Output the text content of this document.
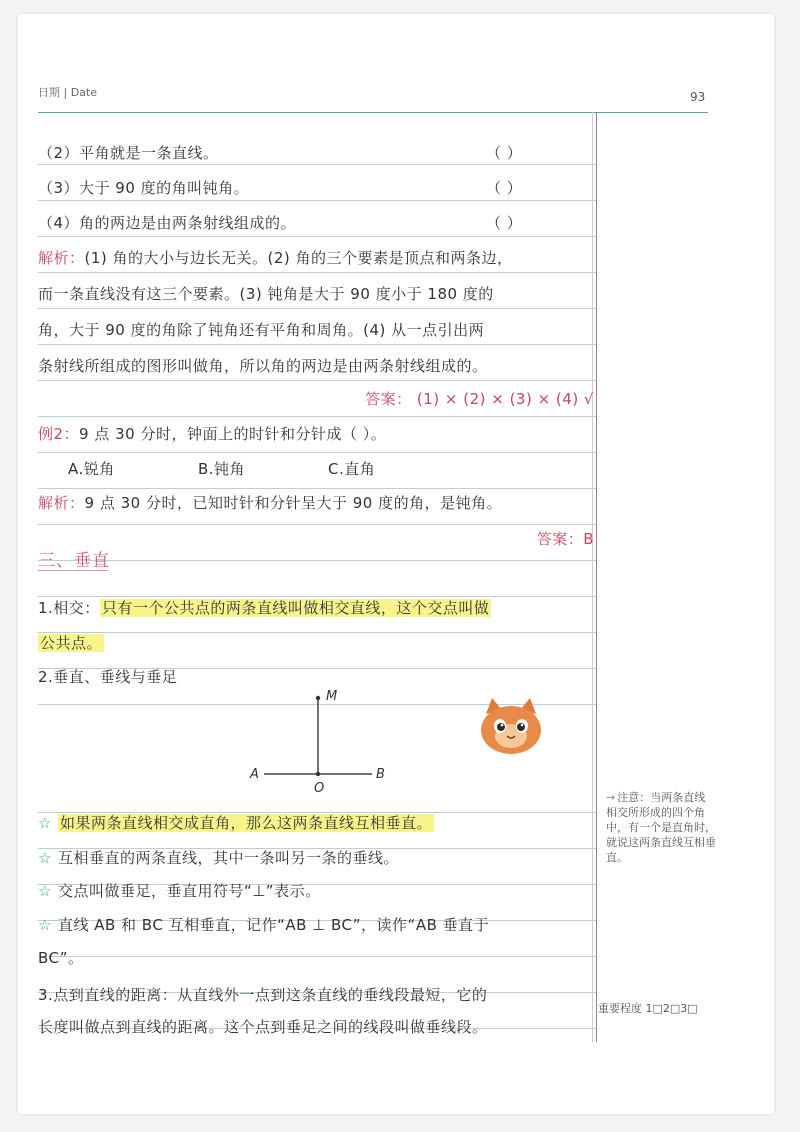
日期 | Date	93
（2）平角就是一条直线。	（ ）
（3）大于 90 度的角叫钝角。	（ ）
（4）角的两边是由两条射线组成的。	（ ）
解析：(1) 角的大小与边长无关。(2) 角的三个要素是顶点和两条边，
而一条直线没有这三个要素。(3) 钝角是大于 90 度小于 180 度的
角，大于 90 度的角除了钝角还有平角和周角。(4) 从一点引出两
条射线所组成的图形叫做角，所以角的两边是由两条射线组成的。
答案： (1) × (2) × (3) × (4) √
例2：9 点 30 分时，钟面上的时针和分针成（ ）。
A.锐角	B.钝角	C.直角
解析：9 点 30 分时，已知时针和分针呈大于 90 度的角，是钝角。
答案：B
三、垂直
1.相交： 只有一个公共点的两条直线叫做相交直线，这个交点叫做
公共点。
2.垂直、垂线与垂足
M
A
O
B
☆ 如果两条直线相交成直角，那么这两条直线互相垂直。
☆ 互相垂直的两条直线，其中一条叫另一条的垂线。
☆ 交点叫做垂足，垂直用符号“⊥”表示。
☆ 直线 AB 和 BC 互相垂直，记作“AB ⊥ BC”，读作“AB 垂直于
BC”。
3.点到直线的距离：从直线外一点到这条直线的垂线段最短，它的
长度叫做点到直线的距离。这个点到垂足之间的线段叫做垂线段。
→ 注意：当两条直线相交所形成的四个角中，有一个是直角时，就说这两条直线互相垂直。
重要程度 1□2□3□
